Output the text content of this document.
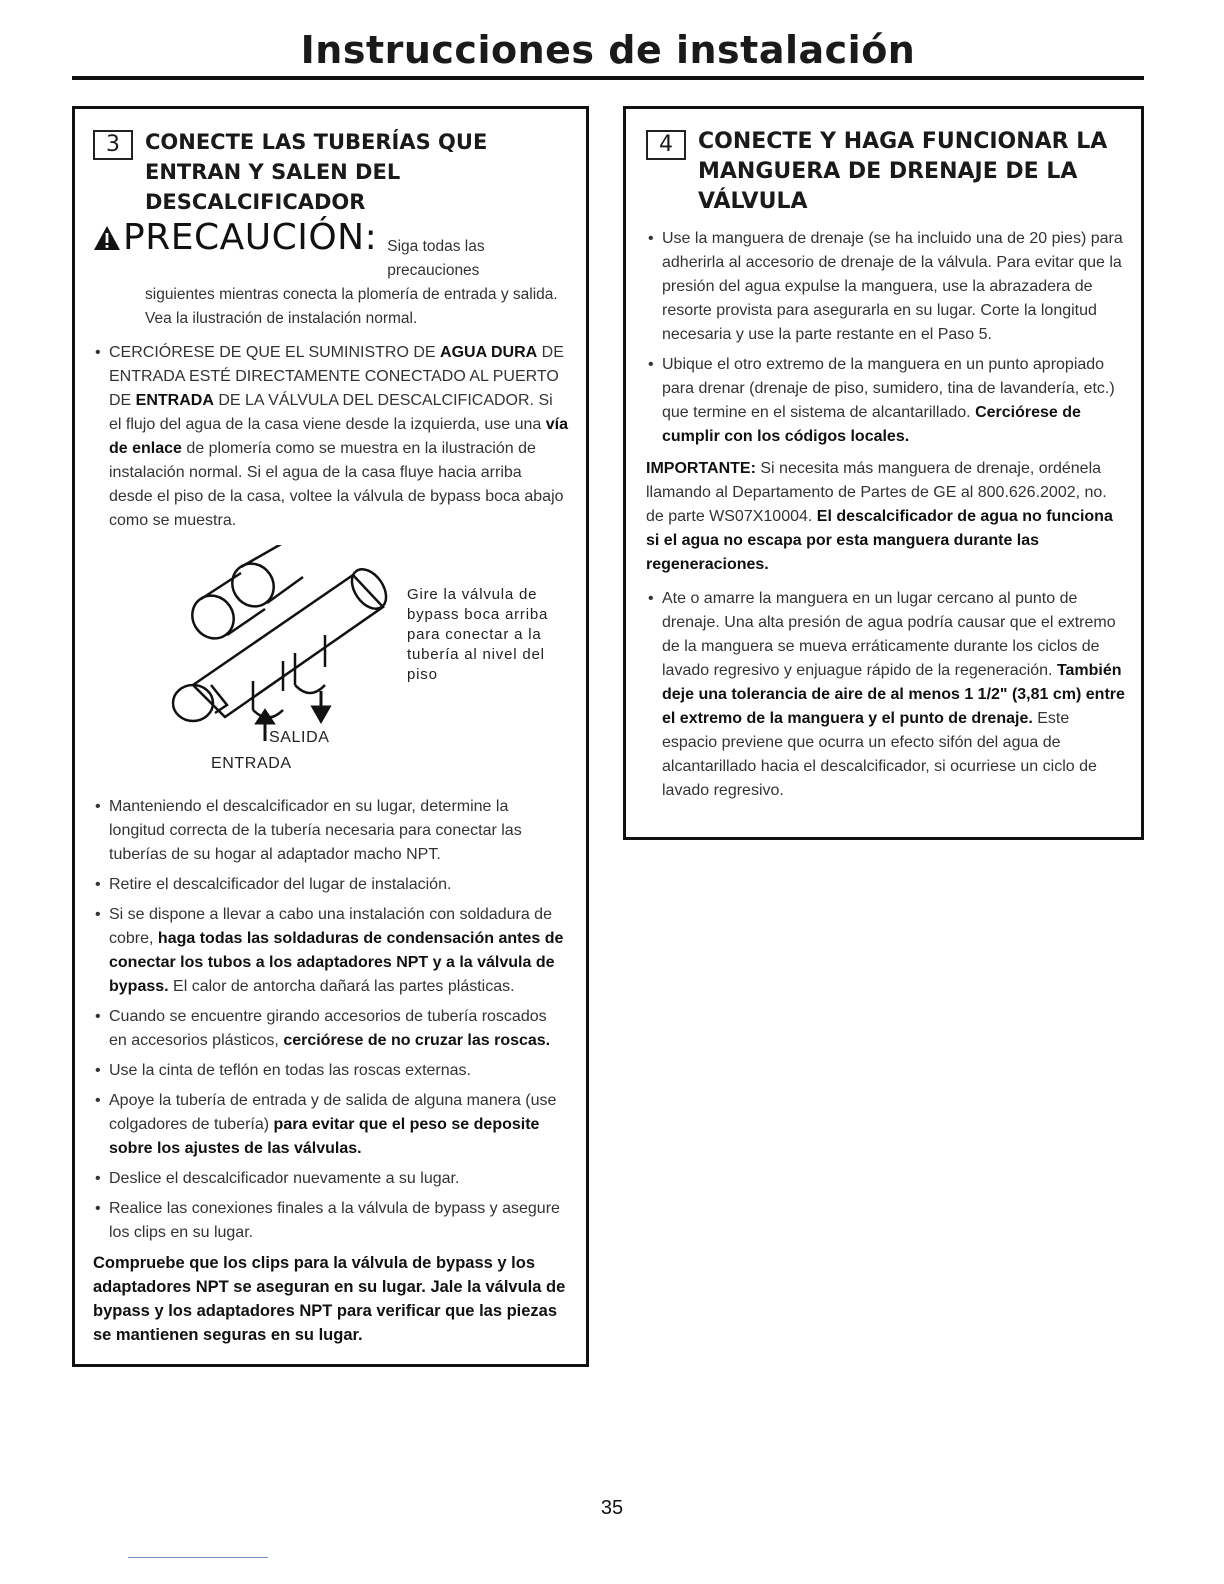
Instrucciones de instalación
3	CONECTE LAS TUBERÍAS QUE ENTRAN Y SALEN DEL DESCALCIFICADOR
PRECAUCIÓN: Siga todas las precauciones
siguientes mientras conecta la plomería de entrada y salida. Vea la ilustración de instalación normal.
• CERCIÓRESE DE QUE EL SUMINISTRO DE AGUA DURA DE ENTRADA ESTÉ DIRECTAMENTE CONECTADO AL PUERTO DE ENTRADA DE LA VÁLVULA DEL DESCALCIFICADOR. Si el flujo del agua de la casa viene desde la izquierda, use una vía de enlace de plomería como se muestra en la ilustración de instalación normal. Si el agua de la casa fluye hacia arriba desde el piso de la casa, voltee la válvula de bypass boca abajo como se muestra.
Gire la válvula de bypass boca arriba para conectar a la tubería al nivel del piso
SALIDA
ENTRADA
• Manteniendo el descalcificador en su lugar, determine la longitud correcta de la tubería necesaria para conectar las tuberías de su hogar al adaptador macho NPT.
• Retire el descalcificador del lugar de instalación.
• Si se dispone a llevar a cabo una instalación con soldadura de cobre, haga todas las soldaduras de condensación antes de conectar los tubos a los adaptadores NPT y a la válvula de bypass. El calor de antorcha dañará las partes plásticas.
• Cuando se encuentre girando accesorios de tubería roscados en accesorios plásticos, cerciórese de no cruzar las roscas.
• Use la cinta de teflón en todas las roscas externas.
• Apoye la tubería de entrada y de salida de alguna manera (use colgadores de tubería) para evitar que el peso se deposite sobre los ajustes de las válvulas.
• Deslice el descalcificador nuevamente a su lugar.
• Realice las conexiones finales a la válvula de bypass y asegure los clips en su lugar.
Compruebe que los clips para la válvula de bypass y los adaptadores NPT se aseguran en su lugar. Jale la válvula de bypass y los adaptadores NPT para verificar que las piezas se mantienen seguras en su lugar.
4	CONECTE Y HAGA FUNCIONAR LA MANGUERA DE DRENAJE DE LA VÁLVULA
• Use la manguera de drenaje (se ha incluido una de 20 pies) para adherirla al accesorio de drenaje de la válvula. Para evitar que la presión del agua expulse la manguera, use la abrazadera de resorte provista para asegurarla en su lugar. Corte la longitud necesaria y use la parte restante en el Paso 5.
• Ubique el otro extremo de la manguera en un punto apropiado para drenar (drenaje de piso, sumidero, tina de lavandería, etc.) que termine en el sistema de alcantarillado. Cerciórese de cumplir con los códigos locales.
IMPORTANTE: Si necesita más manguera de drenaje, ordénela llamando al Departamento de Partes de GE al 800.626.2002, no. de parte WS07X10004. El descalcificador de agua no funciona si el agua no escapa por esta manguera durante las regeneraciones.
• Ate o amarre la manguera en un lugar cercano al punto de drenaje. Una alta presión de agua podría causar que el extremo de la manguera se mueva erráticamente durante los ciclos de lavado regresivo y enjuague rápido de la regeneración. También deje una tolerancia de aire de al menos 1 1/2" (3,81 cm) entre el extremo de la manguera y el punto de drenaje. Este espacio previene que ocurra un efecto sifón del agua de alcantarillado hacia el descalcificador, si ocurriese un ciclo de lavado regresivo.
35
